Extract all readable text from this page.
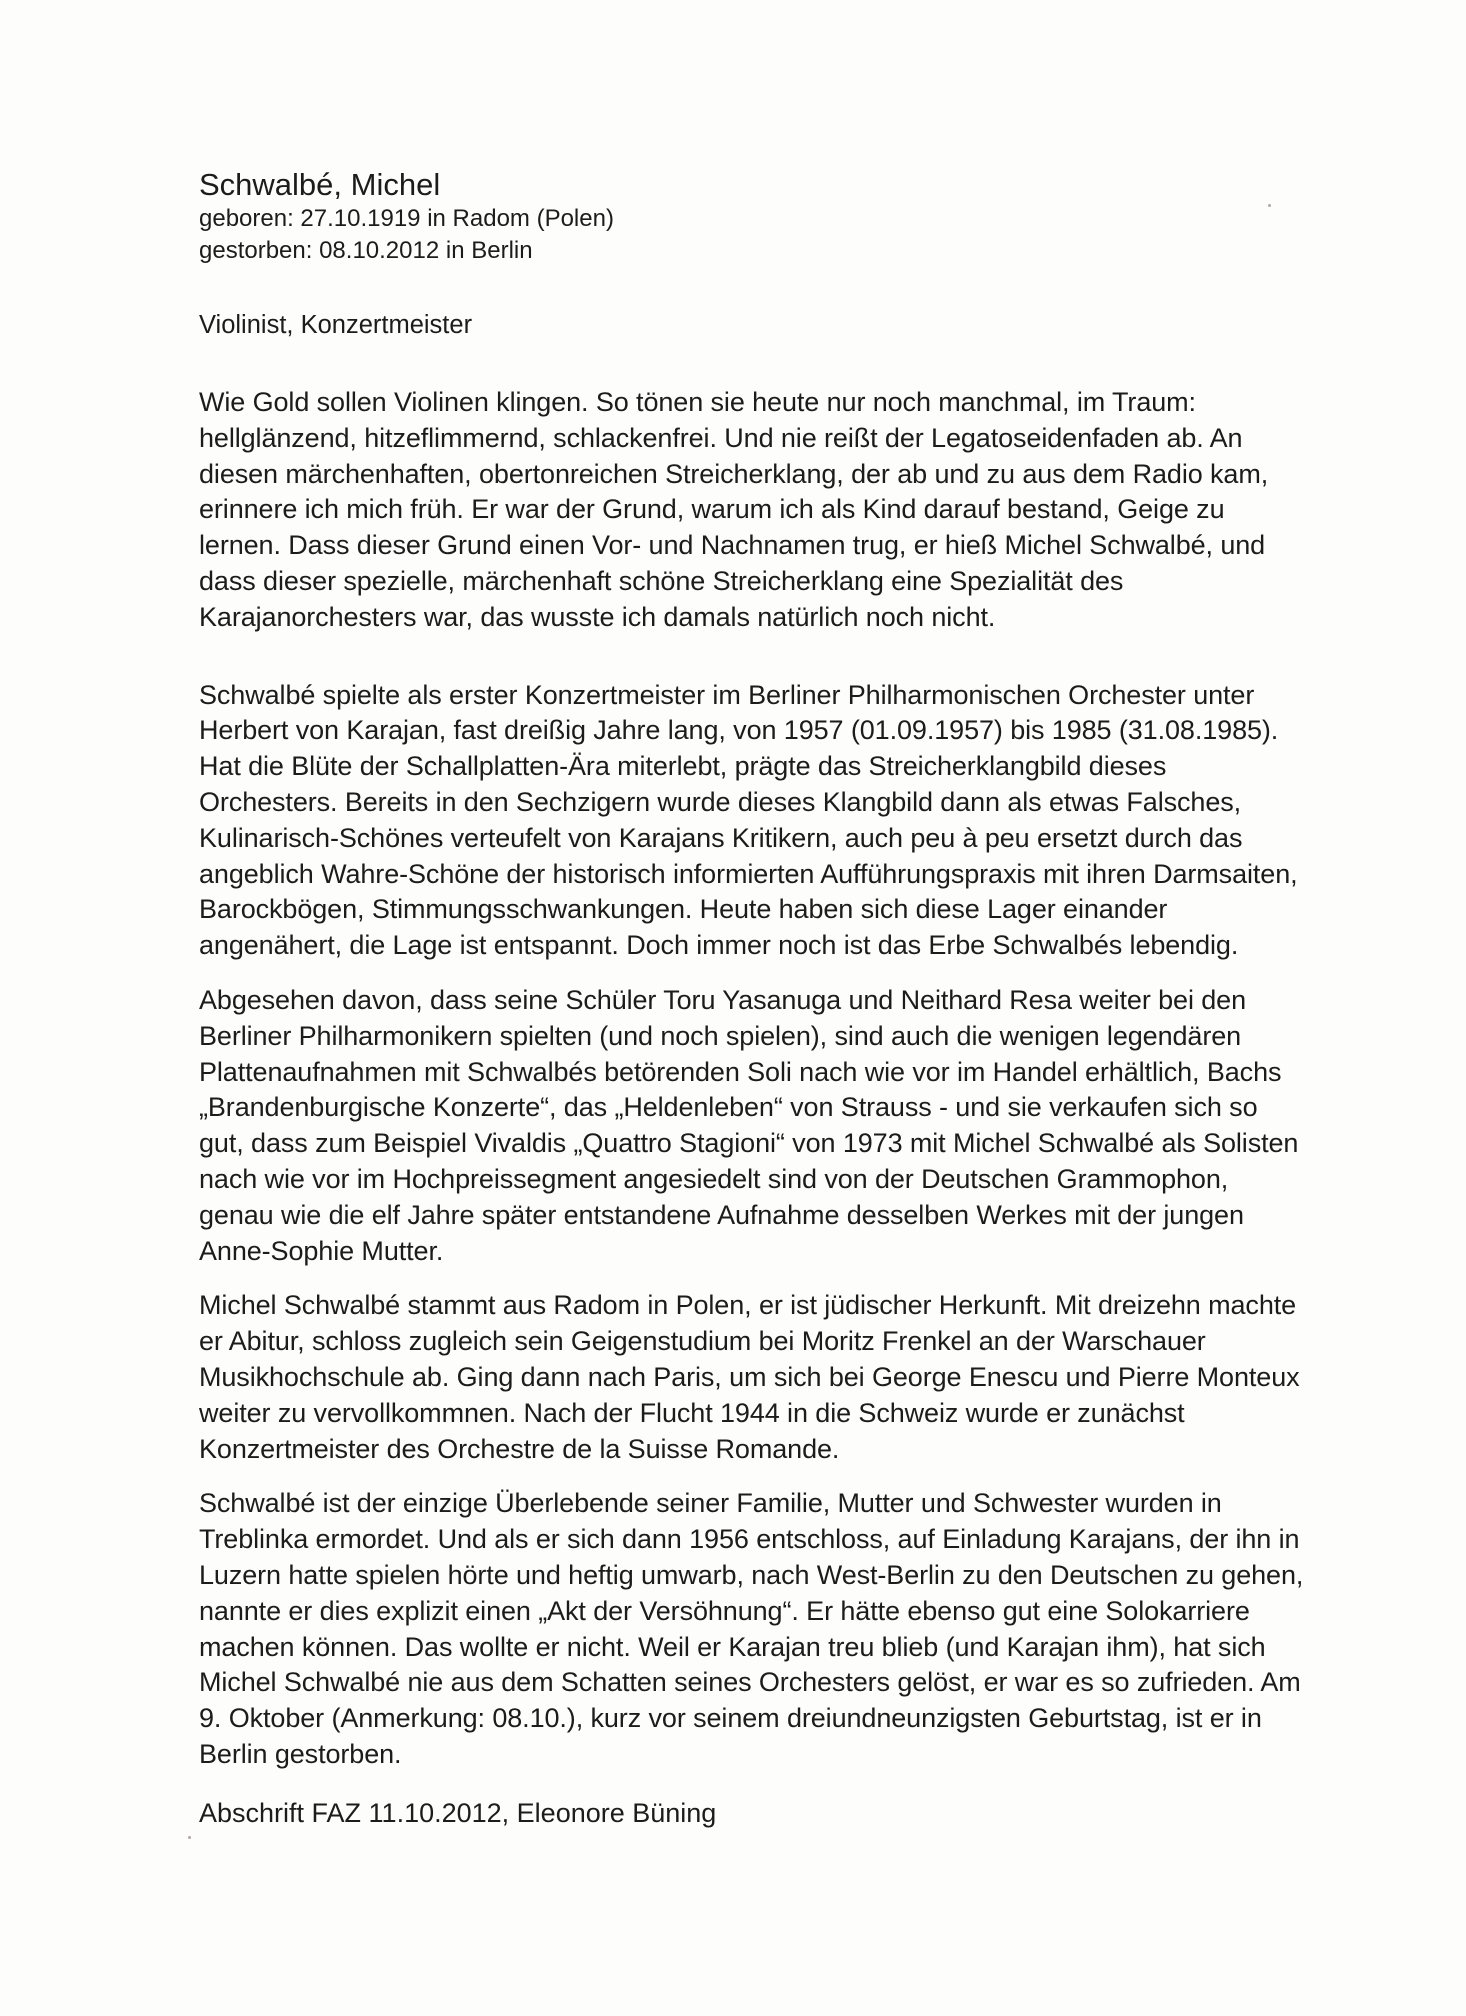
Schwalbé, Michel

geboren: 27.10.1919 in Radom (Polen)

gestorben: 08.10.2012 in Berlin

Violinist, Konzertmeister

Wie Gold sollen Violinen klingen. So tönen sie heute nur noch manchmal, im Traum: hellglänzend, hitzeflimmernd, schlackenfrei. Und nie reißt der Legatoseidenfaden ab. An diesen märchenhaften, obertonreichen Streicherklang, der ab und zu aus dem Radio kam, erinnere ich mich früh. Er war der Grund, warum ich als Kind darauf bestand, Geige zu lernen. Dass dieser Grund einen Vor- und Nachnamen trug, er hieß Michel Schwalbé, und dass dieser spezielle, märchenhaft schöne Streicherklang eine Spezialität des Karajanorchesters war, das wusste ich damals natürlich noch nicht.

Schwalbé spielte als erster Konzertmeister im Berliner Philharmonischen Orchester unter Herbert von Karajan, fast dreißig Jahre lang, von 1957 (01.09.1957) bis 1985 (31.08.1985). Hat die Blüte der Schallplatten-Ära miterlebt, prägte das Streicherklangbild dieses Orchesters. Bereits in den Sechzigern wurde dieses Klangbild dann als etwas Falsches, Kulinarisch-Schönes verteufelt von Karajans Kritikern, auch peu à peu ersetzt durch das angeblich Wahre-Schöne der historisch informierten Aufführungspraxis mit ihren Darmsaiten, Barockbögen, Stimmungsschwankungen. Heute haben sich diese Lager einander angenähert, die Lage ist entspannt. Doch immer noch ist das Erbe Schwalbés lebendig.

Abgesehen davon, dass seine Schüler Toru Yasanuga und Neithard Resa weiter bei den Berliner Philharmonikern spielten (und noch spielen), sind auch die wenigen legendären Plattenaufnahmen mit Schwalbés betörenden Soli nach wie vor im Handel erhältlich, Bachs „Brandenburgische Konzerte“, das „Heldenleben“ von Strauss - und sie verkaufen sich so gut, dass zum Beispiel Vivaldis „Quattro Stagioni“ von 1973 mit Michel Schwalbé als Solisten nach wie vor im Hochpreissegment angesiedelt sind von der Deutschen Grammophon, genau wie die elf Jahre später entstandene Aufnahme desselben Werkes mit der jungen Anne-Sophie Mutter.

Michel Schwalbé stammt aus Radom in Polen, er ist jüdischer Herkunft. Mit dreizehn machte er Abitur, schloss zugleich sein Geigenstudium bei Moritz Frenkel an der Warschauer Musikhochschule ab. Ging dann nach Paris, um sich bei George Enescu und Pierre Monteux weiter zu vervollkommnen. Nach der Flucht 1944 in die Schweiz wurde er zunächst Konzertmeister des Orchestre de la Suisse Romande.

Schwalbé ist der einzige Überlebende seiner Familie, Mutter und Schwester wurden in Treblinka ermordet. Und als er sich dann 1956 entschloss, auf Einladung Karajans, der ihn in Luzern hatte spielen hörte und heftig umwarb, nach West-Berlin zu den Deutschen zu gehen, nannte er dies explizit einen „Akt der Versöhnung“. Er hätte ebenso gut eine Solokarriere machen können. Das wollte er nicht. Weil er Karajan treu blieb (und Karajan ihm), hat sich Michel Schwalbé nie aus dem Schatten seines Orchesters gelöst, er war es so zufrieden. Am 9. Oktober (Anmerkung: 08.10.), kurz vor seinem dreiundneunzigsten Geburtstag, ist er in Berlin gestorben.

Abschrift FAZ 11.10.2012, Eleonore Büning
